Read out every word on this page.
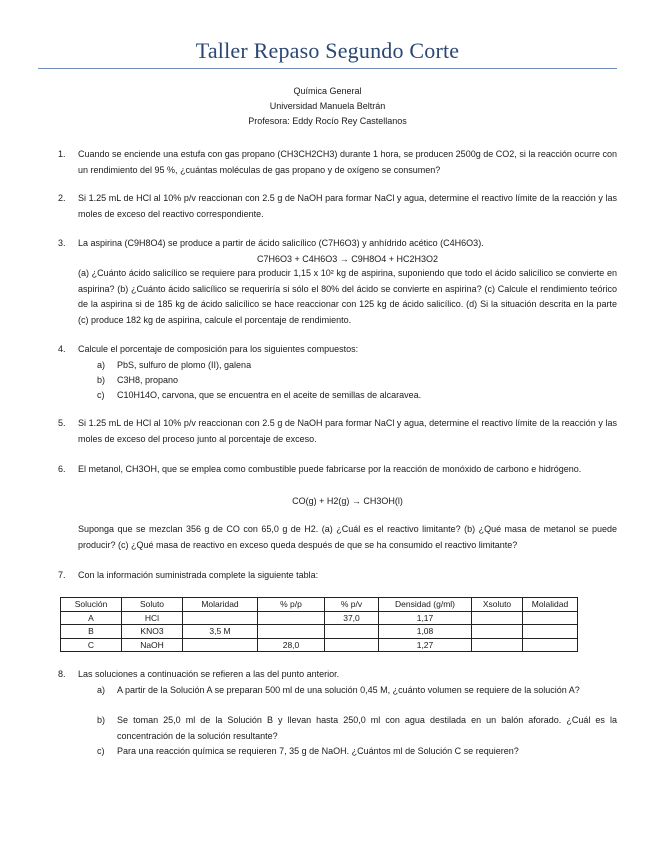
Taller Repaso Segundo Corte
Química General
Universidad Manuela Beltrán
Profesora: Eddy Rocío Rey Castellanos
1. Cuando se enciende una estufa con gas propano (CH3CH2CH3) durante 1 hora, se producen 2500g de CO2, si la reacción ocurre con un rendimiento del 95 %, ¿cuántas moléculas de gas propano y de oxígeno se consumen?
2. Si 1.25 mL de HCl al 10% p/v reaccionan con 2.5 g de NaOH para formar NaCl y agua, determine el reactivo límite de la reacción y las moles de exceso del reactivo correspondiente.
3. La aspirina (C9H8O4) se produce a partir de ácido salicílico (C7H6O3) y anhídrido acético (C4H6O3).
C7H6O3 + C4H6O3 → C9H8O4 + HC2H3O2
(a) ¿Cuánto ácido salicílico se requiere para producir 1,15 x 10² kg de aspirina, suponiendo que todo el ácido salicílico se convierte en aspirina? (b) ¿Cuánto ácido salicílico se requeriría si sólo el 80% del ácido se convierte en aspirina? (c) Calcule el rendimiento teórico de la aspirina si de 185 kg de ácido salicílico se hace reaccionar con 125 kg de ácido salicílico. (d) Si la situación descrita en la parte (c) produce 182 kg de aspirina, calcule el porcentaje de rendimiento.
4. Calcule el porcentaje de composición para los siguientes compuestos:
a) PbS, sulfuro de plomo (II), galena
b) C3H8, propano
c) C10H14O, carvona, que se encuentra en el aceite de semillas de alcaravea.
5. Si 1.25 mL de HCl al 10% p/v reaccionan con 2.5 g de NaOH para formar NaCl y agua, determine el reactivo límite de la reacción y las moles de exceso del proceso junto al porcentaje de exceso.
6. El metanol, CH3OH, que se emplea como combustible puede fabricarse por la reacción de monóxido de carbono e hidrógeno.
CO(g) + H2(g) → CH3OH(l)
Suponga que se mezclan 356 g de CO con 65,0 g de H2. (a) ¿Cuál es el reactivo limitante? (b) ¿Qué masa de metanol se puede producir? (c) ¿Qué masa de reactivo en exceso queda después de que se ha consumido el reactivo limitante?
7. Con la información suministrada complete la siguiente tabla:
Solución	Soluto	Molaridad	% p/p	% p/v	Densidad (g/ml)	Xsoluto	Molalidad
A	HCl			37,0	1,17		
B	KNO3	3,5 M			1,08		
C	NaOH		28,0		1,27		
8. Las soluciones a continuación se refieren a las del punto anterior.
a) A partir de la Solución A se preparan 500 ml de una solución 0,45 M, ¿cuánto volumen se requiere de la solución A?
b) Se toman 25,0 ml de la Solución B y llevan hasta 250,0 ml con agua destilada en un balón aforado. ¿Cuál es la concentración de la solución resultante?
c) Para una reacción química se requieren 7, 35 g de NaOH. ¿Cuántos ml de Solución C se requieren?
